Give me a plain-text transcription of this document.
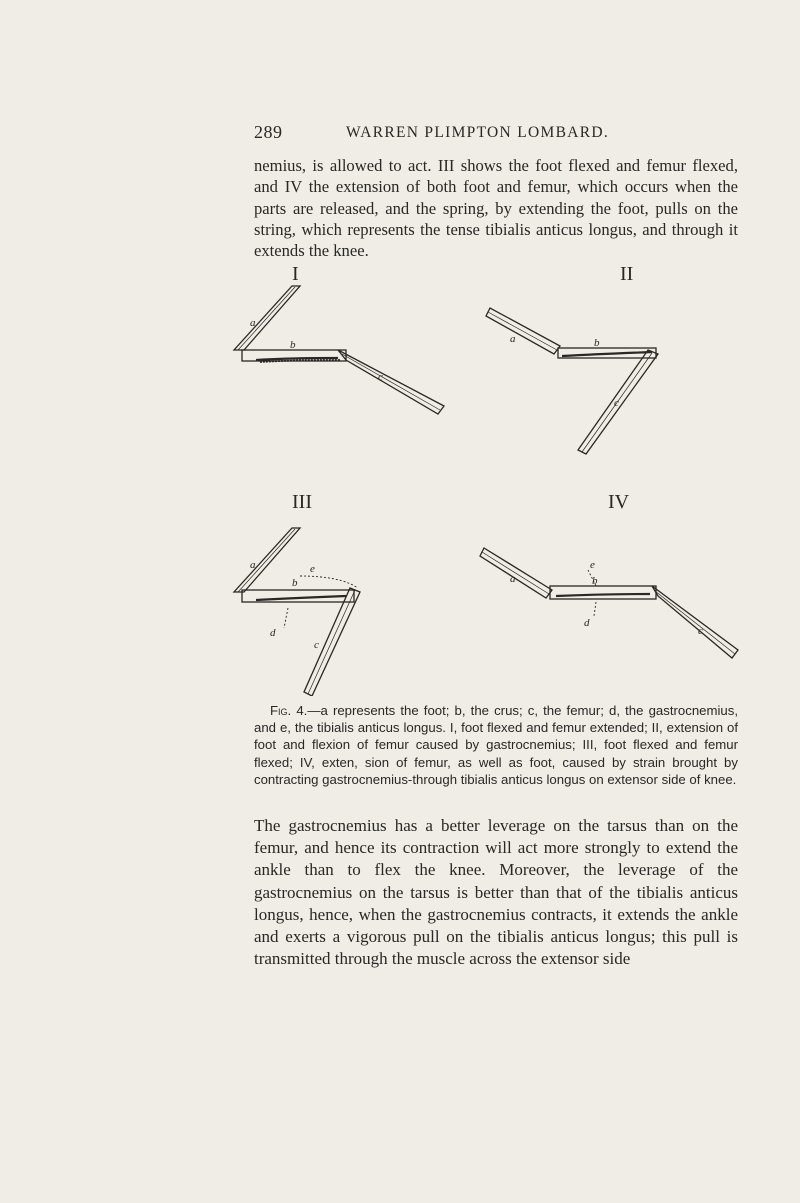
289	WARREN PLIMPTON LOMBARD.

nemius, is allowed to act. III shows the foot flexed and femur flexed, and IV the extension of both foot and femur, which occurs when the parts are released, and the spring, by extending the foot, pulls on the string, which represents the tense tibialis anticus longus, and through it extends the knee.

I
a
b
c
II
a	b
c
III
a
b
c
d
e
IV
a	b
c
d
e

Fig. 4.—a represents the foot; b, the crus; c, the femur; d, the gastrocnemius, and e, the tibialis anticus longus. I, foot flexed and femur extended; II, extension of foot and flexion of femur caused by gastrocnemius; III, foot flexed and femur flexed; IV, exten, sion of femur, as well as foot, caused by strain brought by contracting gastrocnemius-through tibialis anticus longus on extensor side of knee.

The gastrocnemius has a better leverage on the tarsus than on the femur, and hence its contraction will act more strongly to extend the ankle than to flex the knee. Moreover, the leverage of the gastrocnemius on the tarsus is better than that of the tibialis anticus longus, hence, when the gastrocnemius contracts, it extends the ankle and exerts a vigorous pull on the tibialis anticus longus; this pull is transmitted through the muscle across the extensor side
